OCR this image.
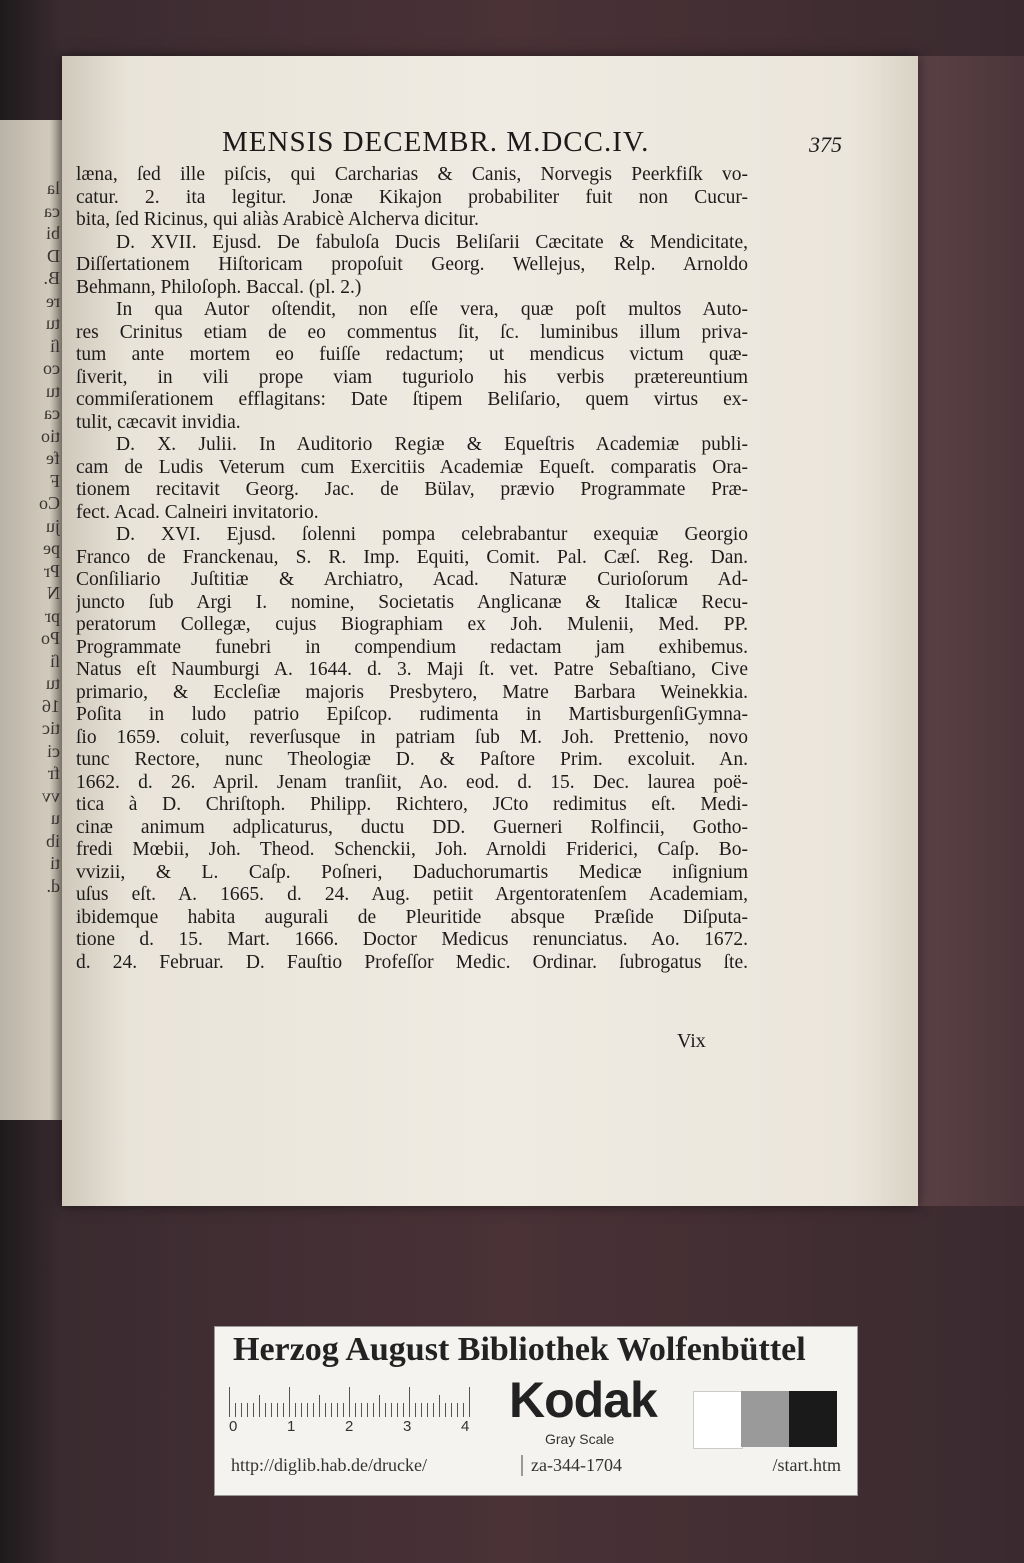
la
ca
bi
D
B.
re
tu
ſi
co
tu
ca
tio
fe
F
Co
ju
pe
Pr
N
pr
Po
ſi
tu
16
tic
ci
fr
vv
u
ib
ti
d.
MENSIS DECEMBR. M.DCC.IV.	375
læna, ſed ille piſcis, qui Carcharias & Canis, Norvegis Peerkfiſk vo-
catur. 2. ita legitur. Jonæ Kikajon probabiliter fuit non Cucur-
bita, ſed Ricinus, qui aliàs Arabicè Alcherva dicitur.
D. XVII. Ejusd. De fabuloſa Ducis Beliſarii Cæcitate & Mendicitate,
Diſſertationem Hiſtoricam propoſuit Georg. Wellejus, Relp. Arnoldo
Behmann, Philoſoph. Baccal. (pl. 2.)
In qua Autor oſtendit, non eſſe vera, quæ poſt multos Auto-
res Crinitus etiam de eo commentus ſit, ſc. luminibus illum priva-
tum ante mortem eo fuiſſe redactum; ut mendicus victum quæ-
ſiverit, in vili prope viam tuguriolo his verbis prætereuntium
commiſerationem efflagitans: Date ſtipem Beliſario, quem virtus ex-
tulit, cæcavit invidia.
D. X. Julii. In Auditorio Regiæ & Equeſtris Academiæ publi-
cam de Ludis Veterum cum Exercitiis Academiæ Equeſt. comparatis Ora-
tionem recitavit Georg. Jac. de Bülav, prævio Programmate Præ-
fect. Acad. Calneiri invitatorio.
D. XVI. Ejusd. ſolenni pompa celebrabantur exequiæ Georgio
Franco de Franckenau, S. R. Imp. Equiti, Comit. Pal. Cæſ. Reg. Dan.
Conſiliario Juſtitiæ & Archiatro, Acad. Naturæ Curioſorum Ad-
juncto ſub Argi I. nomine, Societatis Anglicanæ & Italicæ Recu-
peratorum Collegæ, cujus Biographiam ex Joh. Mulenii, Med. PP.
Programmate funebri in compendium redactam jam exhibemus.
Natus eſt Naumburgi A. 1644. d. 3. Maji ſt. vet. Patre Sebaſtiano, Cive
primario, & Eccleſiæ majoris Presbytero, Matre Barbara Weinekkia.
Poſita in ludo patrio Epiſcop. rudimenta in MartisburgenſiGymna-
ſio 1659. coluit, reverſusque in patriam ſub M. Joh. Prettenio, novo
tunc Rectore, nunc Theologiæ D. & Paſtore Prim. excoluit. An.
1662. d. 26. April. Jenam tranſiit, Ao. eod. d. 15. Dec. laurea poë-
tica à D. Chriſtoph. Philipp. Richtero, JCto redimitus eſt. Medi-
cinæ animum adplicaturus, ductu DD. Guerneri Rolfincii, Gotho-
fredi Mœbii, Joh. Theod. Schenckii, Joh. Arnoldi Friderici, Caſp. Bo-
vvizii, & L. Caſp. Poſneri, Daduchorumartis Medicæ inſignium
uſus eſt. A. 1665. d. 24. Aug. petiit Argentoratenſem Academiam,
ibidemque habita augurali de Pleuritide absque Præſide Diſputa-
tione d. 15. Mart. 1666. Doctor Medicus renunciatus. Ao. 1672.
d. 24. Februar. D. Fauſtio Profeſſor Medic. Ordinar. ſubrogatus ſte.
Vix
Herzog August Bibliothek Wolfenbüttel
0	1	2	3	4 Kodak
Gray Scale
http://diglib.hab.de/drucke/	za-344-1704	/start.htm
